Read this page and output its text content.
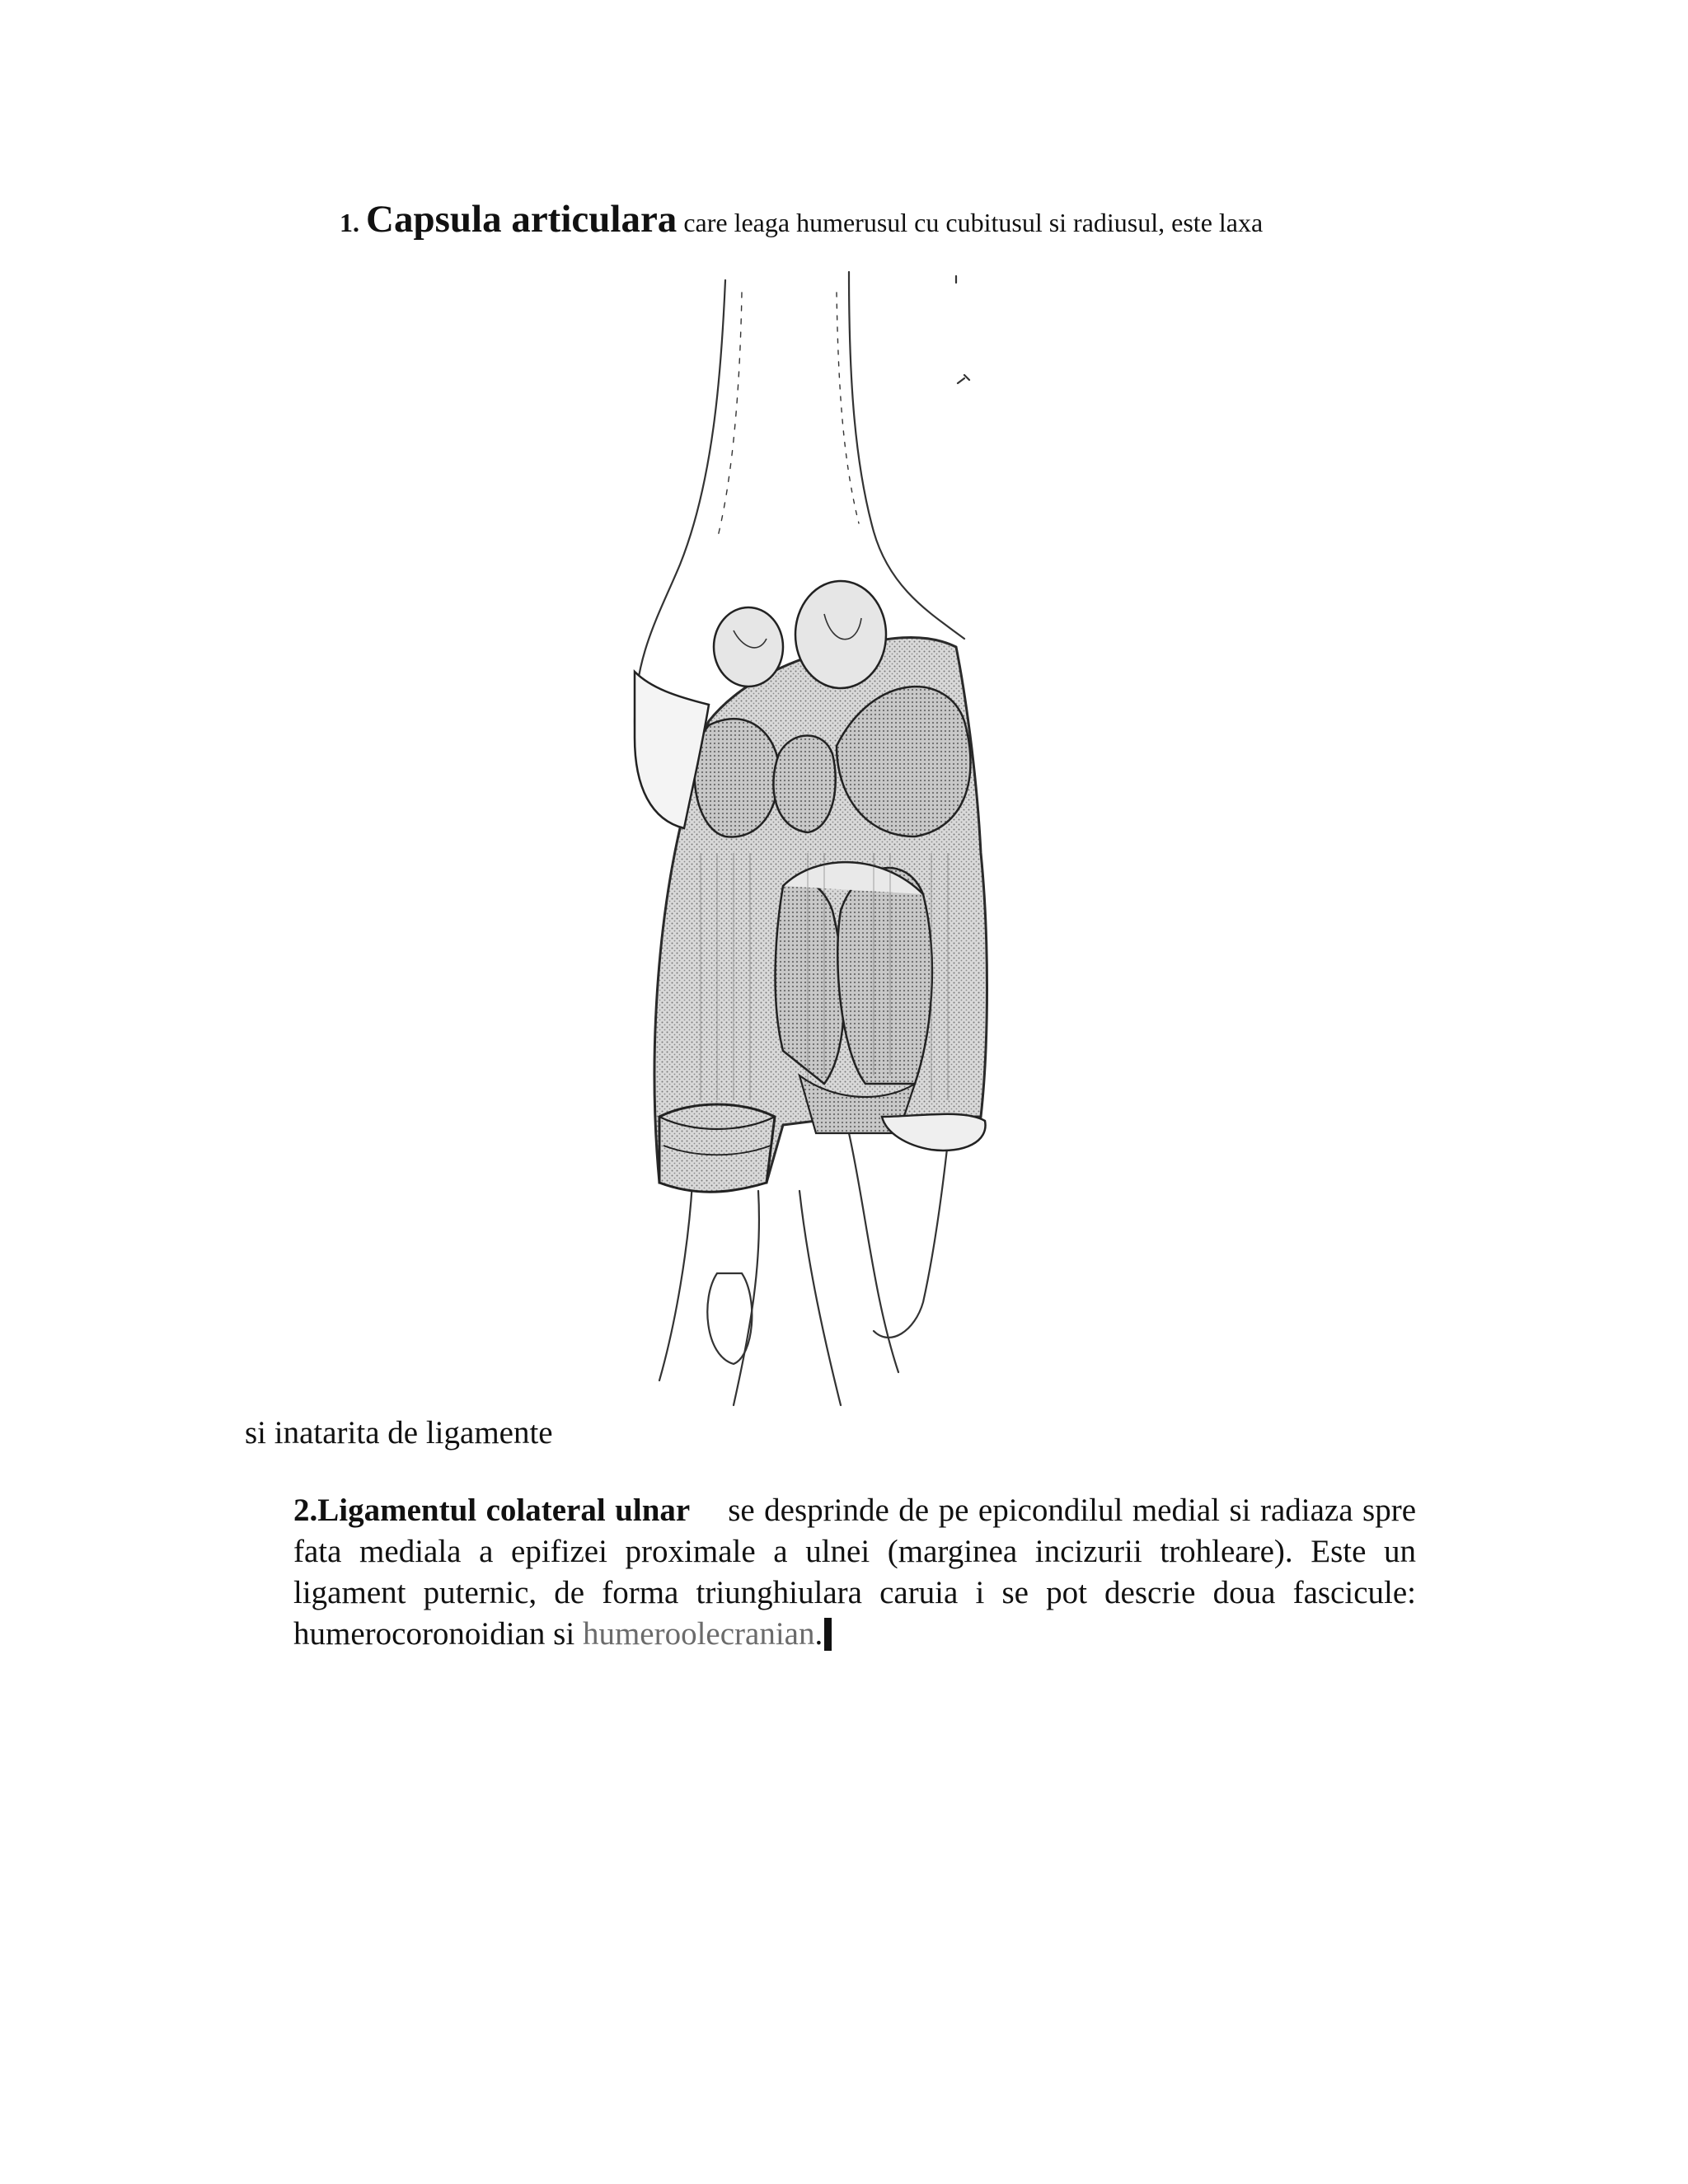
1. Capsula articulara care leaga humerusul cu cubitusul si radiusul, este laxa
si inatarita de ligamente
2.Ligamentul colateral ulnar se desprinde de pe epicondilul medial si radiaza spre fata mediala a epifizei proximale a ulnei (marginea incizurii trohleare). Este un ligament puternic, de forma triunghiulara caruia i se pot descrie doua fascicule: humerocoronoidian si humeroolecranian.
